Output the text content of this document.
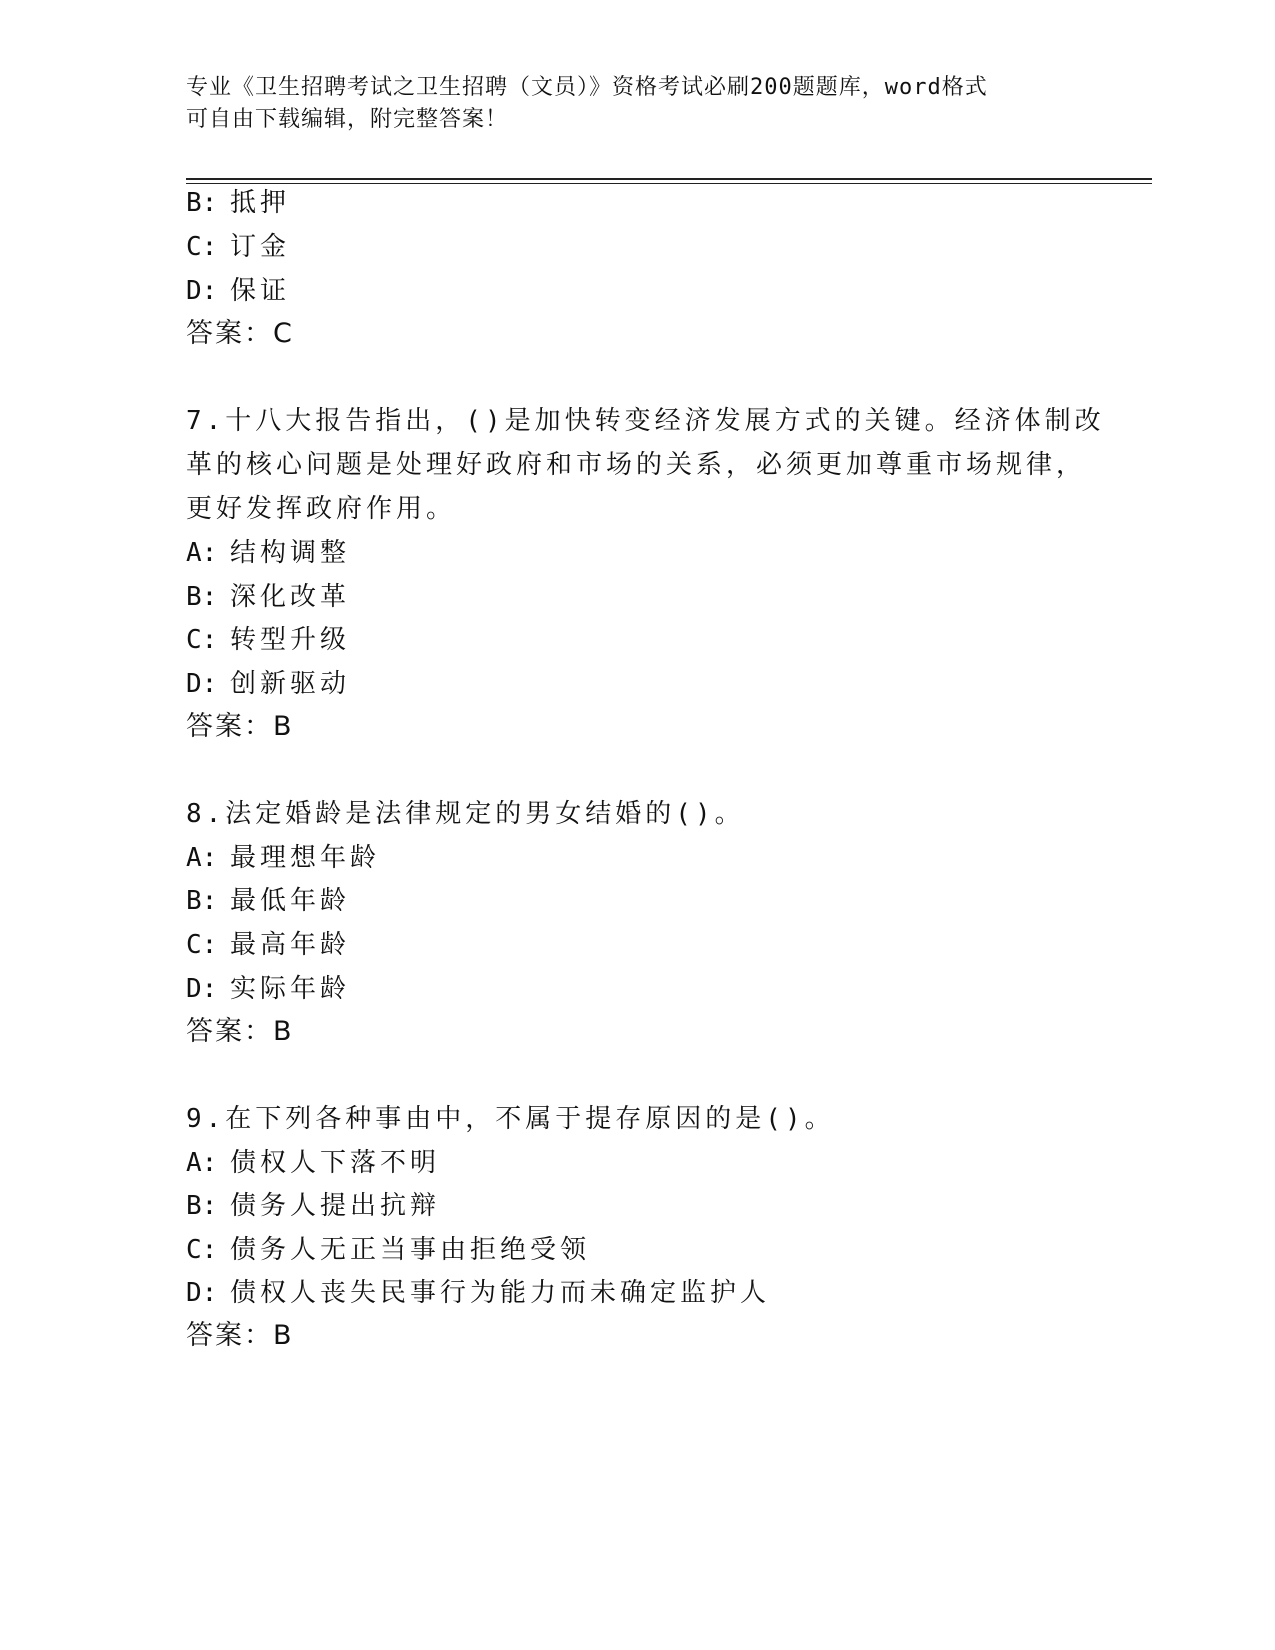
专业《卫生招聘考试之卫生招聘（文员）》资格考试必刷200题题库，word格式
可自由下载编辑，附完整答案！
B: 抵押
C: 订金
D: 保证
答案：C
7.十八大报告指出，()是加快转变经济发展方式的关键。经济体制改
革的核心问题是处理好政府和市场的关系，必须更加尊重市场规律，
更好发挥政府作用。
A: 结构调整
B: 深化改革
C: 转型升级
D: 创新驱动
答案：B
8.法定婚龄是法律规定的男女结婚的()。
A: 最理想年龄
B: 最低年龄
C: 最高年龄
D: 实际年龄
答案：B
9.在下列各种事由中，不属于提存原因的是()。
A: 债权人下落不明
B: 债务人提出抗辩
C: 债务人无正当事由拒绝受领
D: 债权人丧失民事行为能力而未确定监护人
答案：B
